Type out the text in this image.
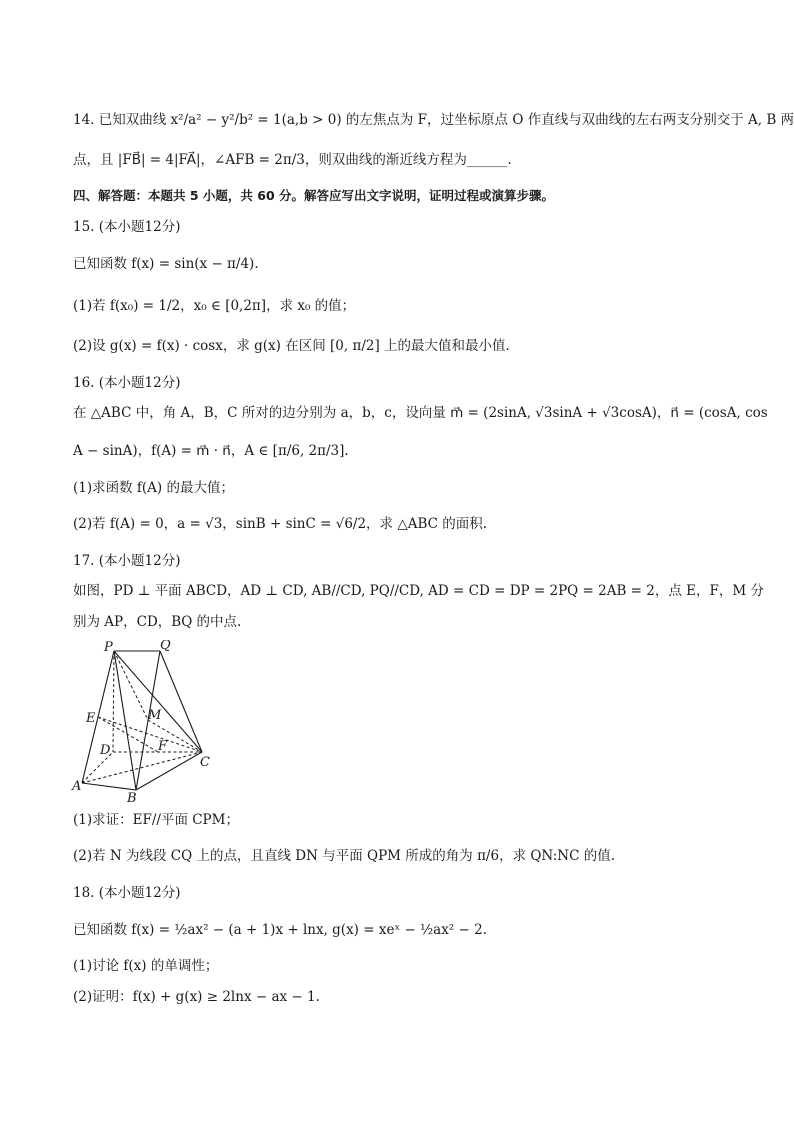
14. 已知双曲线 x²/a² − y²/b² = 1(a,b > 0) 的左焦点为 F，过坐标原点 O 作直线与双曲线的左右两支分别交于 A, B 两
点，且 |FB⃗| = 4|FA⃗|，∠AFB = 2π/3，则双曲线的渐近线方程为______.
四、解答题：本题共 5 小题，共 60 分。解答应写出文字说明，证明过程或演算步骤。
15. (本小题12分)
已知函数 f(x) = sin(x − π/4).
(1)若 f(x₀) = 1/2，x₀ ∈ [0,2π]，求 x₀ 的值；
(2)设 g(x) = f(x) · cosx，求 g(x) 在区间 [0, π/2] 上的最大值和最小值.
16. (本小题12分)
在 △ABC 中，角 A，B，C 所对的边分别为 a，b，c，设向量 m⃗ = (2sinA, √3sinA + √3cosA)，n⃗ = (cosA, cos
A − sinA)，f(A) = m⃗ · n⃗，A ∈ [π/6, 2π/3].
(1)求函数 f(A) 的最大值；
(2)若 f(A) = 0，a = √3，sinB + sinC = √6/2，求 △ABC 的面积.
17. (本小题12分)
如图，PD ⊥ 平面 ABCD，AD ⊥ CD, AB//CD, PQ//CD, AD = CD = DP = 2PQ = 2AB = 2，点 E，F，M 分
别为 AP，CD，BQ 的中点.
(1)求证：EF//平面 CPM；
(2)若 N 为线段 CQ 上的点，且直线 DN 与平面 QPM 所成的角为 π/6，求 QN:NC 的值.
18. (本小题12分)
已知函数 f(x) = ½ax² − (a + 1)x + lnx, g(x) = xeˣ − ½ax² − 2.
(1)讨论 f(x) 的单调性；
(2)证明：f(x) + g(x) ≥ 2lnx − ax − 1.
P	Q
E	M
D	F
A
B
C
